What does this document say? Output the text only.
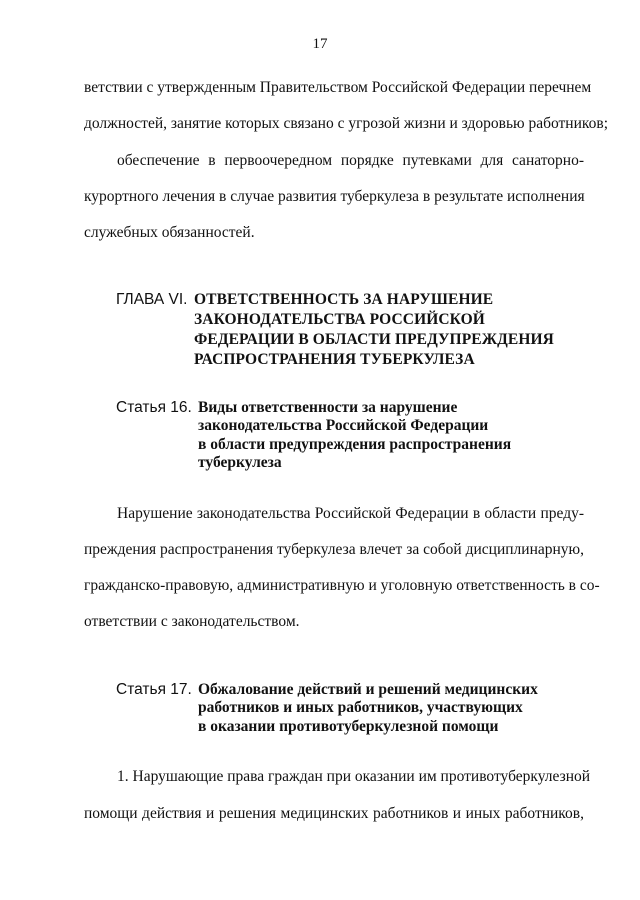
17

ветствии с утвержденным Правительством Российской Федерации перечнем

должностей, занятие которых связано с угрозой жизни и здоровью работников;

обеспечение в первоочередном порядке путевками для санаторно-

курортного лечения в случае развития туберкулеза в результате исполнения

служебных обязанностей.

ГЛАВА VI. ОТВЕТСТВЕННОСТЬ ЗА НАРУШЕНИЕ
ЗАКОНОДАТЕЛЬСТВА РОССИЙСКОЙ
ФЕДЕРАЦИИ В ОБЛАСТИ ПРЕДУПРЕЖДЕНИЯ
РАСПРОСТРАНЕНИЯ ТУБЕРКУЛЕЗА
Статья 16. Виды ответственности за нарушение
законодательства Российской Федерации
в области предупреждения распространения
туберкулеза

Нарушение законодательства Российской Федерации в области преду-

преждения распространения туберкулеза влечет за собой дисциплинарную,

гражданско-правовую, административную и уголовную ответственность в со-

ответствии с законодательством.

Статья 17. Обжалование действий и решений медицинских
работников и иных работников, участвующих
в оказании противотуберкулезной помощи

1. Нарушающие права граждан при оказании им противотуберкулезной

помощи действия и решения медицинских работников и иных работников,
